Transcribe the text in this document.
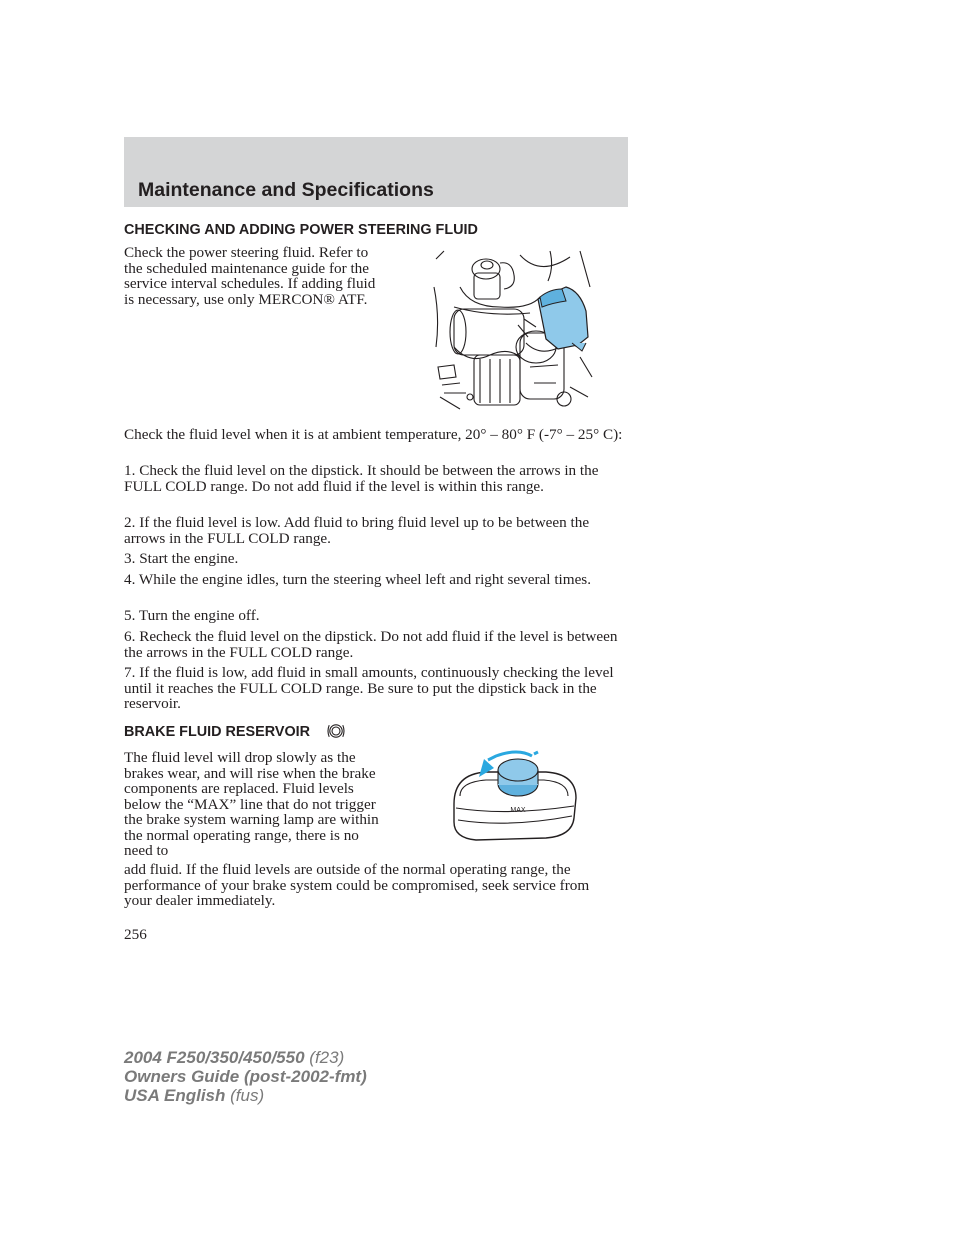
Maintenance and Specifications
CHECKING AND ADDING POWER STEERING FLUID

Check the power steering fluid. Refer to the scheduled maintenance guide for the service interval schedules. If adding fluid is necessary, use only MERCON® ATF.

Check the fluid level when it is at ambient temperature, 20° – 80° F (-7° – 25° C):

1. Check the fluid level on the dipstick. It should be between the arrows in the FULL COLD range. Do not add fluid if the level is within this range.

2. If the fluid level is low. Add fluid to bring fluid level up to be between the arrows in the FULL COLD range.

3. Start the engine.

4. While the engine idles, turn the steering wheel left and right several times.

5. Turn the engine off.

6. Recheck the fluid level on the dipstick. Do not add fluid if the level is between the arrows in the FULL COLD range.

7. If the fluid is low, add fluid in small amounts, continuously checking the level until it reaches the FULL COLD range. Be sure to put the dipstick back in the reservoir.

BRAKE FLUID RESERVOIR

The fluid level will drop slowly as the brakes wear, and will rise when the brake components are replaced. Fluid levels below the “MAX” line that do not trigger the brake system warning lamp are within the normal operating range, there is no need to

add fluid. If the fluid levels are outside of the normal operating range, the performance of your brake system could be compromised, seek service from your dealer immediately.

MAX

256

2004 F250/350/450/550 (f23)

Owners Guide (post-2002-fmt)

USA English (fus)
